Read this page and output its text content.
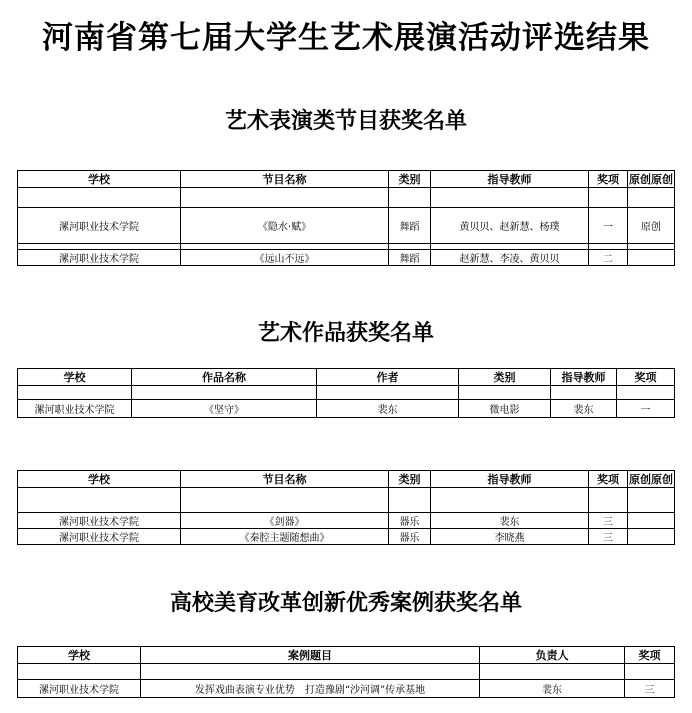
河南省第七届大学生艺术展演活动评选结果
艺术表演类节目获奖名单
学校	节目名称	类别	指导教师	奖项	原创原创

漯河职业技术学院	《隐水·赋》	舞蹈	黄贝贝、赵新慧、杨璞	一	原创

漯河职业技术学院	《远山不远》	舞蹈	赵新慧、李凌、黄贝贝	二	
艺术作品获奖名单
学校	作品名称	作者	类别	指导教师	奖项

漯河职业技术学院	《坚守》	裴东	微电影	裴东	一
学校	节目名称	类别	指导教师	奖项	原创原创

漯河职业技术学院	《剑器》	器乐	裴东	三	
漯河职业技术学院	《秦腔主题随想曲》	器乐	李晓燕	三	
高校美育改革创新优秀案例获奖名单
学校	案例题目	负责人	奖项

漯河职业技术学院	发挥戏曲表演专业优势　打造豫剧“沙河调”传承基地	裴东	三
